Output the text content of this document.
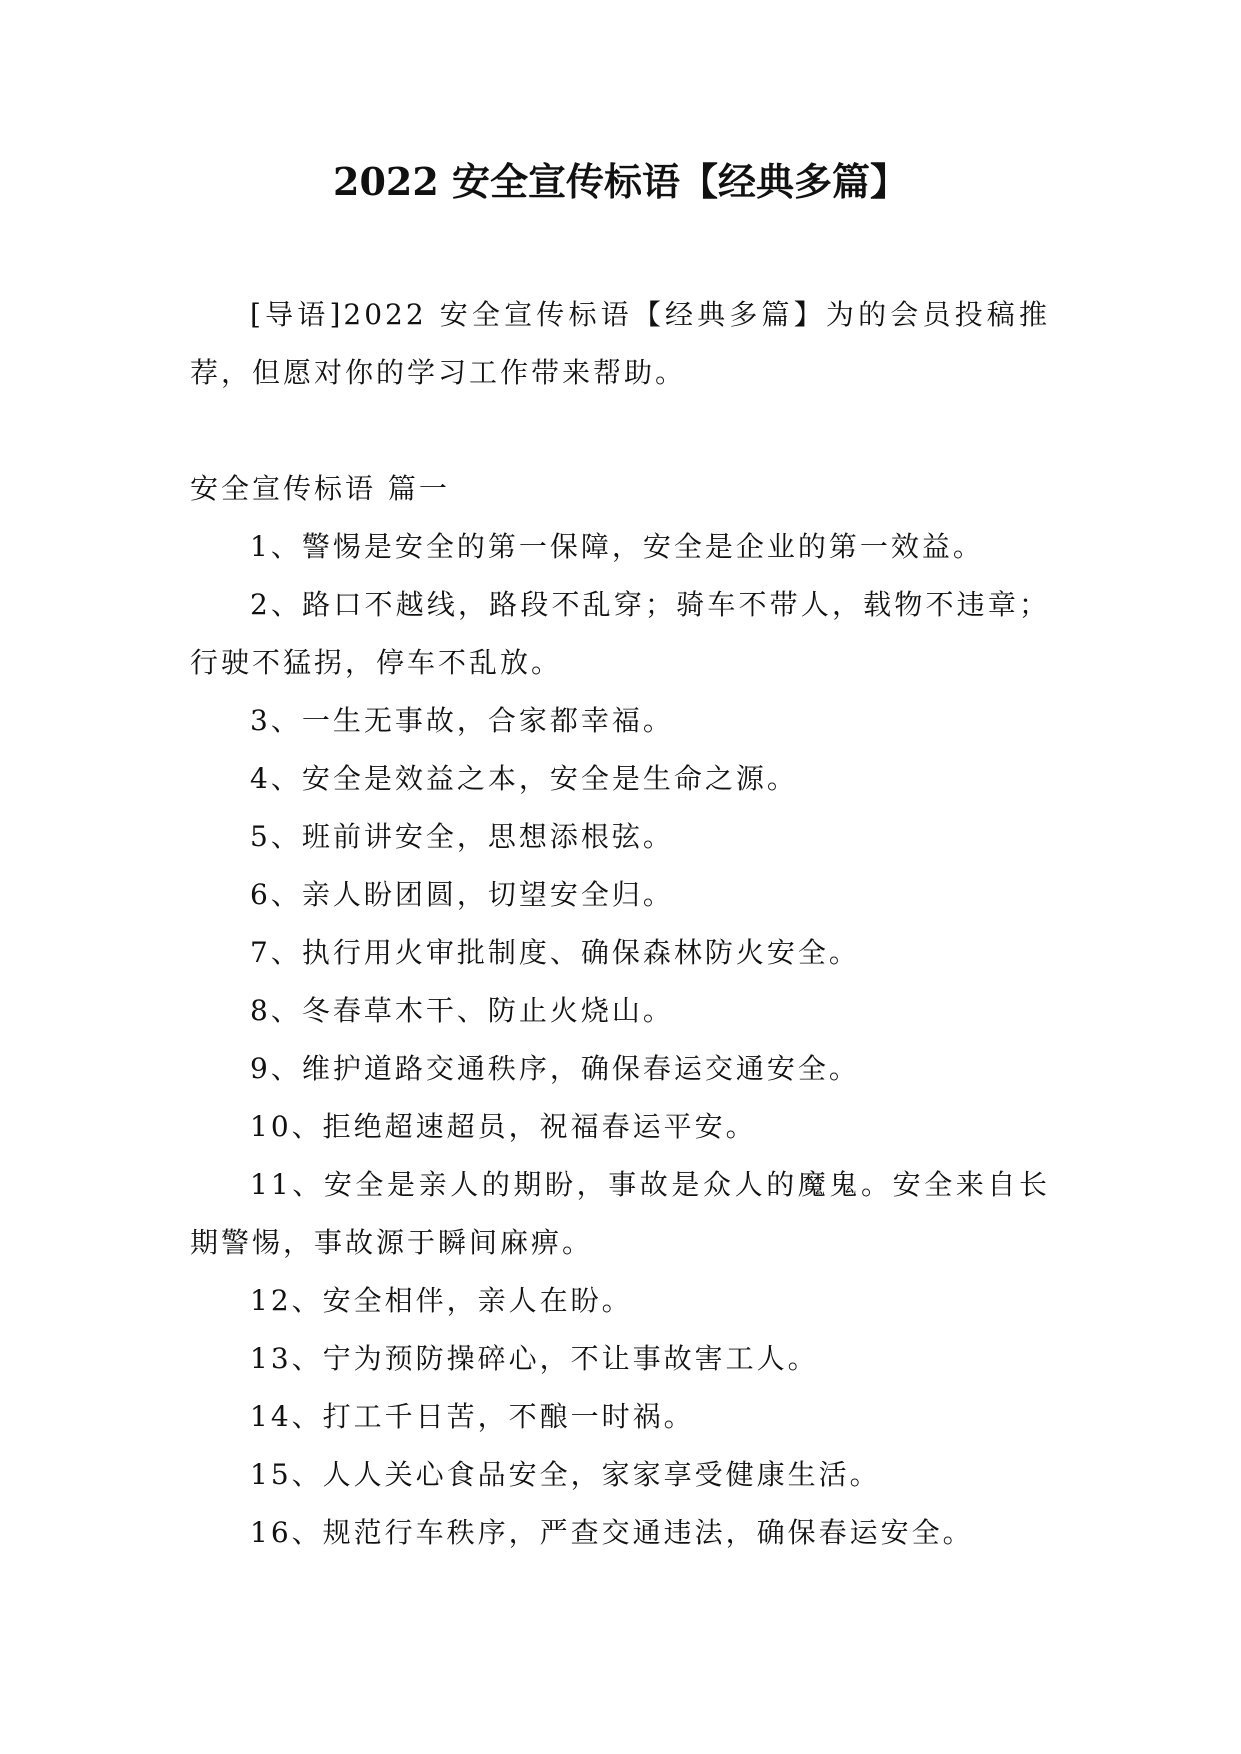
2022 安全宣传标语【经典多篇】

[导语]2022 安全宣传标语【经典多篇】为的会员投稿推荐，但愿对你的学习工作带来帮助。

安全宣传标语 篇一

1、警惕是安全的第一保障，安全是企业的第一效益。
2、路口不越线，路段不乱穿；骑车不带人，载物不违章；行驶不猛拐，停车不乱放。
3、一生无事故，合家都幸福。
4、安全是效益之本，安全是生命之源。
5、班前讲安全，思想添根弦。
6、亲人盼团圆，切望安全归。
7、执行用火审批制度、确保森林防火安全。
8、冬春草木干、防止火烧山。
9、维护道路交通秩序，确保春运交通安全。
10、拒绝超速超员，祝福春运平安。
11、安全是亲人的期盼，事故是众人的魔鬼。安全来自长期警惕，事故源于瞬间麻痹。
12、安全相伴，亲人在盼。
13、宁为预防操碎心，不让事故害工人。
14、打工千日苦，不酿一时祸。
15、人人关心食品安全，家家享受健康生活。
16、规范行车秩序，严查交通违法，确保春运安全。
